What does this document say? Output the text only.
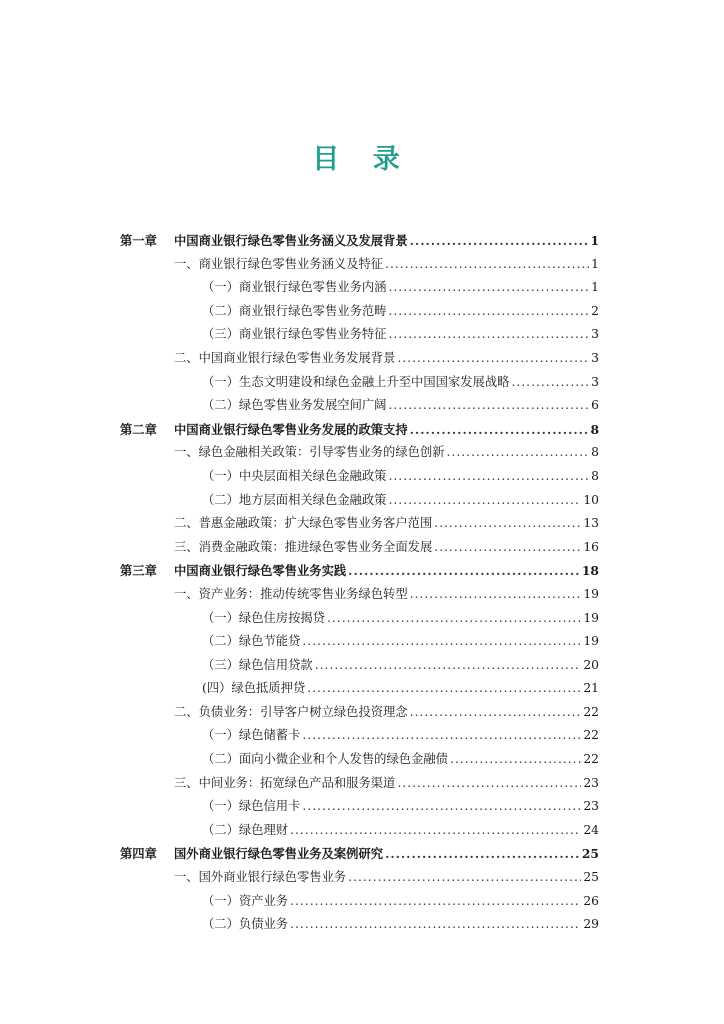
目 录
第一章	中国商业银行绿色零售业务涵义及发展背景 .....	1
一、商业银行绿色零售业务涵义及特征 .....	1
（一）商业银行绿色零售业务内涵 .....	1
（二）商业银行绿色零售业务范畴 .....	2
（三）商业银行绿色零售业务特征 .....	3
二、中国商业银行绿色零售业务发展背景 .....	3
（一）生态文明建设和绿色金融上升至中国国家发展战略 .....	3
（二）绿色零售业务发展空间广阔 .....	6
第二章	中国商业银行绿色零售业务发展的政策支持 .....	8
一、绿色金融相关政策：引导零售业务的绿色创新 .....	8
（一）中央层面相关绿色金融政策 .....	8
（二）地方层面相关绿色金融政策 .....	10
二、普惠金融政策：扩大绿色零售业务客户范围 .....	13
三、消费金融政策：推进绿色零售业务全面发展 .....	16
第三章	中国商业银行绿色零售业务实践 .....	18
一、资产业务：推动传统零售业务绿色转型 .....	19
（一）绿色住房按揭贷 .....	19
（二）绿色节能贷 .....	19
（三）绿色信用贷款 .....	20
(四）绿色抵质押贷 .....	21
二、负债业务：引导客户树立绿色投资理念 .....	22
（一）绿色储蓄卡 .....	22
（二）面向小微企业和个人发售的绿色金融债 .....	22
三、中间业务：拓宽绿色产品和服务渠道 .....	23
（一）绿色信用卡 .....	23
（二）绿色理财 .....	24
第四章	国外商业银行绿色零售业务及案例研究 .....	25
一、国外商业银行绿色零售业务 .....	25
（一）资产业务 .....	26
（二）负债业务 .....	29
